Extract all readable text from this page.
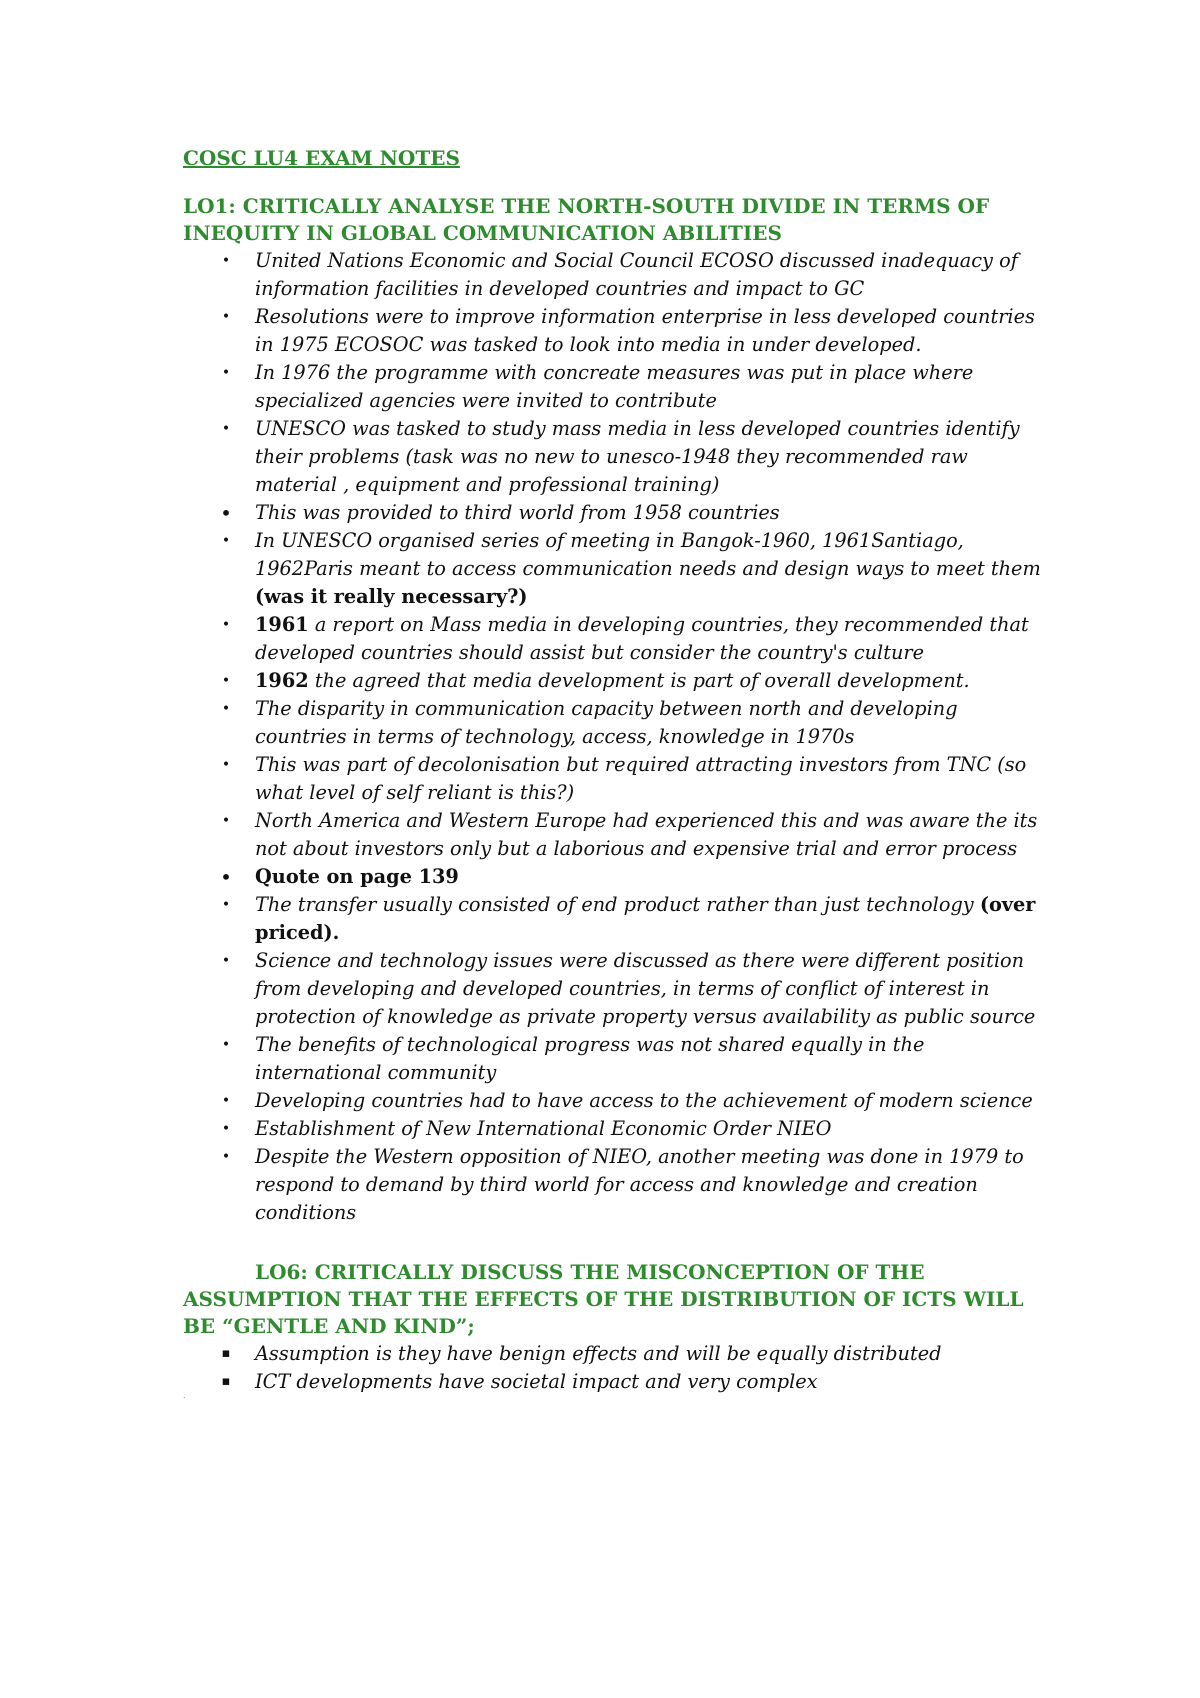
COSC LU4 EXAM NOTES

LO1: CRITICALLY ANALYSE THE NORTH-SOUTH DIVIDE IN TERMS OF INEQUITY IN GLOBAL COMMUNICATION ABILITIES

• United Nations Economic and Social Council ECOSO discussed inadequacy of information facilities in developed countries and impact to GC
• Resolutions were to improve information enterprise in less developed countries in 1975 ECOSOC was tasked to look into media in under developed.
• In 1976 the programme with concreate measures was put in place where specialized agencies were invited to contribute
• UNESCO was tasked to study mass media in less developed countries identify their problems (task was no new to unesco-1948 they recommended raw material , equipment and professional training)
• This was provided to third world from 1958 countries
• In UNESCO organised series of meeting in Bangok-1960, 1961Santiago, 1962Paris meant to access communication needs and design ways to meet them (was it really necessary?)
• 1961 a report on Mass media in developing countries, they recommended that developed countries should assist but consider the country's culture
• 1962 the agreed that media development is part of overall development.
• The disparity in communication capacity between north and developing countries in terms of technology, access, knowledge in 1970s
• This was part of decolonisation but required attracting investors from TNC (so what level of self reliant is this?)
• North America and Western Europe had experienced this and was aware the its not about investors only but a laborious and expensive trial and error process
• Quote on page 139
• The transfer usually consisted of end product rather than just technology (over priced).
• Science and technology issues were discussed as there were different position from developing and developed countries, in terms of conflict of interest in protection of knowledge as private property versus availability as public source
• The benefits of technological progress was not shared equally in the international community
• Developing countries had to have access to the achievement of modern science
• Establishment of New International Economic Order NIEO
• Despite the Western opposition of NIEO, another meeting was done in 1979 to respond to demand by third world for access and knowledge and creation conditions

LO6: CRITICALLY DISCUSS THE MISCONCEPTION OF THE
ASSUMPTION THAT THE EFFECTS OF THE DISTRIBUTION OF ICTS WILL BE “GENTLE AND KIND”;

▪ Assumption is they have benign effects and will be equally distributed
▪ ICT developments have societal impact and very complex
.
